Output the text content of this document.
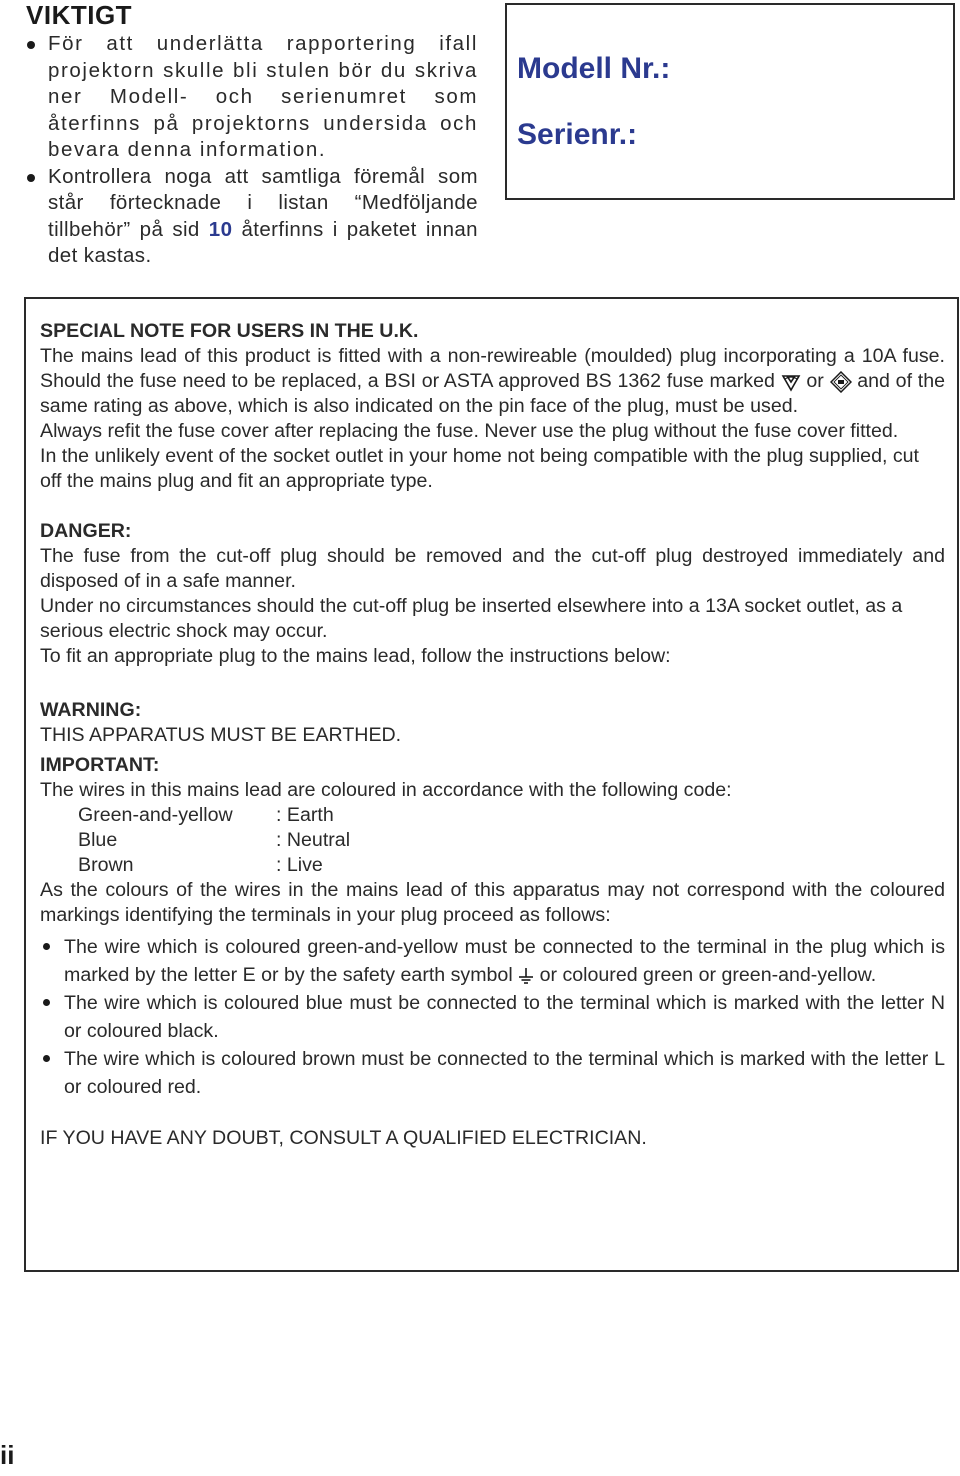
VIKTIGT
För att underlätta rapportering ifall projektorn skulle bli stulen bör du skriva ner Modell- och serienumret som återfinns på projektorns undersida och bevara denna information.
Kontrollera noga att samtliga föremål som står förtecknade i listan “Medföljande tillbehör” på sid 10 återfinns i paketet innan det kastas.
Modell Nr.:
Serienr.:

SPECIAL NOTE FOR USERS IN THE U.K.

The mains lead of this product is fitted with a non-rewireable (moulded) plug incorporating a 10A fuse. Should the fuse need to be replaced, a BSI or ASTA approved BS 1362 fuse marked  or  and of the same rating as above, which is also indicated on the pin face of the plug, must be used.

Always refit the fuse cover after replacing the fuse. Never use the plug without the fuse cover fitted.

In the unlikely event of the socket outlet in your home not being compatible with the plug supplied, cut off the mains plug and fit an appropriate type.

DANGER:

The fuse from the cut-off plug should be removed and the cut-off plug destroyed immediately and disposed of in a safe manner.

Under no circumstances should the cut-off plug be inserted elsewhere into a 13A socket outlet, as a serious electric shock may occur.

To fit an appropriate plug to the mains lead, follow the instructions below:

WARNING:

THIS APPARATUS MUST BE EARTHED.

IMPORTANT:

The wires in this mains lead are coloured in accordance with the following code:

Green-and-yellow	: Earth
Blue	: Neutral
Brown	: Live

As the colours of the wires in the mains lead of this apparatus may not correspond with the coloured markings identifying the terminals in your plug proceed as follows:

The wire which is coloured green-and-yellow must be connected to the terminal in the plug which is marked by the letter E or by the safety earth symbol  or coloured green or green-and-yellow.
The wire which is coloured blue must be connected to the terminal which is marked with the letter N or coloured black.
The wire which is coloured brown must be connected to the terminal which is marked with the letter L or coloured red.

IF YOU HAVE ANY DOUBT, CONSULT A QUALIFIED ELECTRICIAN.

ii
